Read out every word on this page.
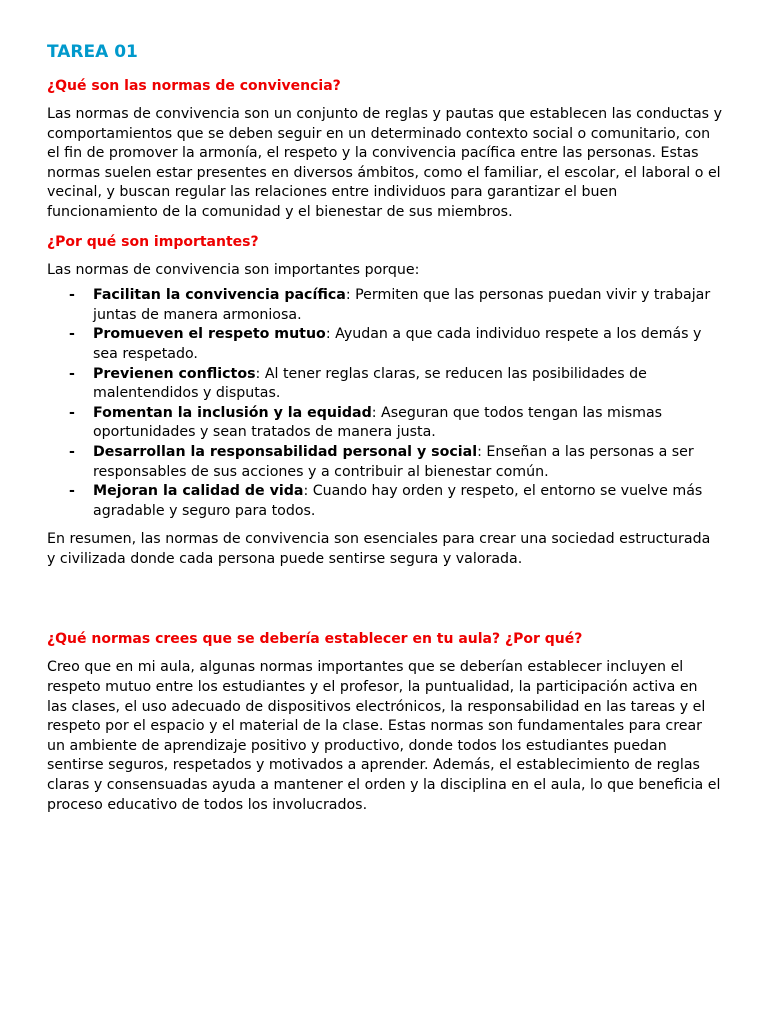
TAREA 01
¿Qué son las normas de convivencia?

Las normas de convivencia son un conjunto de reglas y pautas que establecen las conductas y comportamientos que se deben seguir en un determinado contexto social o comunitario, con el fin de promover la armonía, el respeto y la convivencia pacífica entre las personas. Estas normas suelen estar presentes en diversos ámbitos, como el familiar, el escolar, el laboral o el vecinal, y buscan regular las relaciones entre individuos para garantizar el buen funcionamiento de la comunidad y el bienestar de sus miembros.

¿Por qué son importantes?

Las normas de convivencia son importantes porque:

- Facilitan la convivencia pacífica: Permiten que las personas puedan vivir y trabajar juntas de manera armoniosa.
- Promueven el respeto mutuo: Ayudan a que cada individuo respete a los demás y sea respetado.
- Previenen conflictos: Al tener reglas claras, se reducen las posibilidades de malentendidos y disputas.
- Fomentan la inclusión y la equidad: Aseguran que todos tengan las mismas oportunidades y sean tratados de manera justa.
- Desarrollan la responsabilidad personal y social: Enseñan a las personas a ser responsables de sus acciones y a contribuir al bienestar común.
- Mejoran la calidad de vida: Cuando hay orden y respeto, el entorno se vuelve más agradable y seguro para todos.

En resumen, las normas de convivencia son esenciales para crear una sociedad estructurada y civilizada donde cada persona puede sentirse segura y valorada.

¿Qué normas crees que se debería establecer en tu aula? ¿Por qué?

Creo que en mi aula, algunas normas importantes que se deberían establecer incluyen el respeto mutuo entre los estudiantes y el profesor, la puntualidad, la participación activa en las clases, el uso adecuado de dispositivos electrónicos, la responsabilidad en las tareas y el respeto por el espacio y el material de la clase. Estas normas son fundamentales para crear un ambiente de aprendizaje positivo y productivo, donde todos los estudiantes puedan sentirse seguros, respetados y motivados a aprender. Además, el establecimiento de reglas claras y consensuadas ayuda a mantener el orden y la disciplina en el aula, lo que beneficia el proceso educativo de todos los involucrados.
